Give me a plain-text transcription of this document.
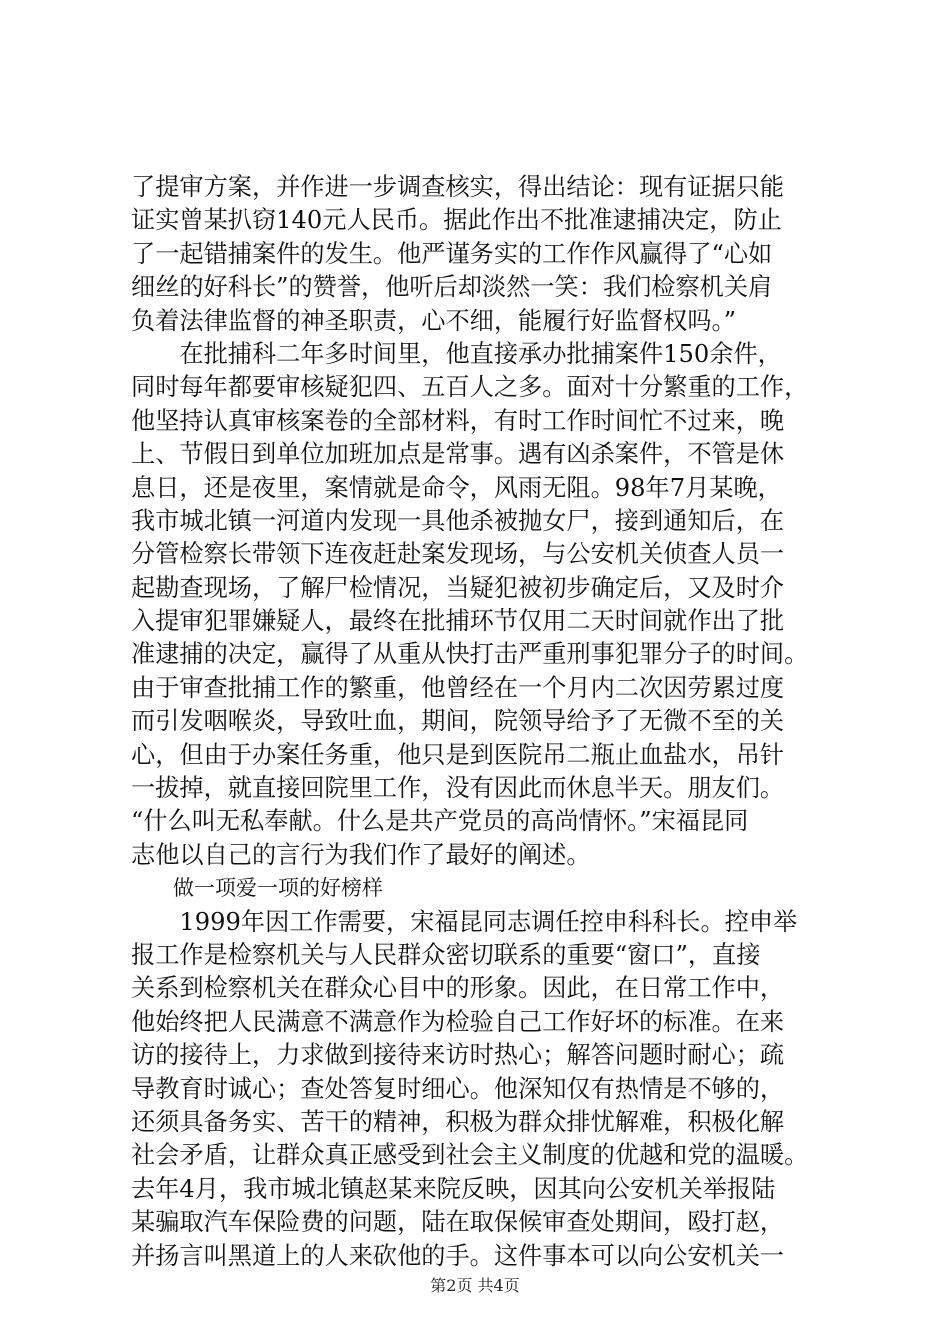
了提审方案，并作进一步调查核实，得出结论：现有证据只能
证实曾某扒窃140元人民币。据此作出不批准逮捕决定，防止
了一起错捕案件的发生。他严谨务实的工作作风赢得了“心如
细丝的好科长”的赞誉，他听后却淡然一笑：我们检察机关肩
负着法律监督的神圣职责，心不细，能履行好监督权吗。”
　　在批捕科二年多时间里，他直接承办批捕案件150余件，
同时每年都要审核疑犯四、五百人之多。面对十分繁重的工作，
他坚持认真审核案卷的全部材料，有时工作时间忙不过来，晚
上、节假日到单位加班加点是常事。遇有凶杀案件，不管是休
息日，还是夜里，案情就是命令，风雨无阻。98年7月某晚，
我市城北镇一河道内发现一具他杀被抛女尸，接到通知后，在
分管检察长带领下连夜赶赴案发现场，与公安机关侦查人员一
起勘查现场，了解尸检情况，当疑犯被初步确定后，又及时介
入提审犯罪嫌疑人，最终在批捕环节仅用二天时间就作出了批
准逮捕的决定，赢得了从重从快打击严重刑事犯罪分子的时间。
由于审查批捕工作的繁重，他曾经在一个月内二次因劳累过度
而引发咽喉炎，导致吐血，期间，院领导给予了无微不至的关
心，但由于办案任务重，他只是到医院吊二瓶止血盐水，吊针
一拔掉，就直接回院里工作，没有因此而休息半天。朋友们。
“什么叫无私奉献。什么是共产党员的高尚情怀。”宋福昆同
志他以自己的言行为我们作了最好的阐述。
　　做一项爱一项的好榜样
　　1999年因工作需要，宋福昆同志调任控申科科长。控申举
报工作是检察机关与人民群众密切联系的重要“窗口”，直接
关系到检察机关在群众心目中的形象。因此，在日常工作中，
他始终把人民满意不满意作为检验自己工作好坏的标准。在来
访的接待上，力求做到接待来访时热心；解答问题时耐心；疏
导教育时诚心；查处答复时细心。他深知仅有热情是不够的，
还须具备务实、苦干的精神，积极为群众排忧解难，积极化解
社会矛盾，让群众真正感受到社会主义制度的优越和党的温暖。
去年4月，我市城北镇赵某来院反映，因其向公安机关举报陆
某骗取汽车保险费的问题，陆在取保候审查处期间，殴打赵，
并扬言叫黑道上的人来砍他的手。这件事本可以向公安机关一
第2页 共4页
